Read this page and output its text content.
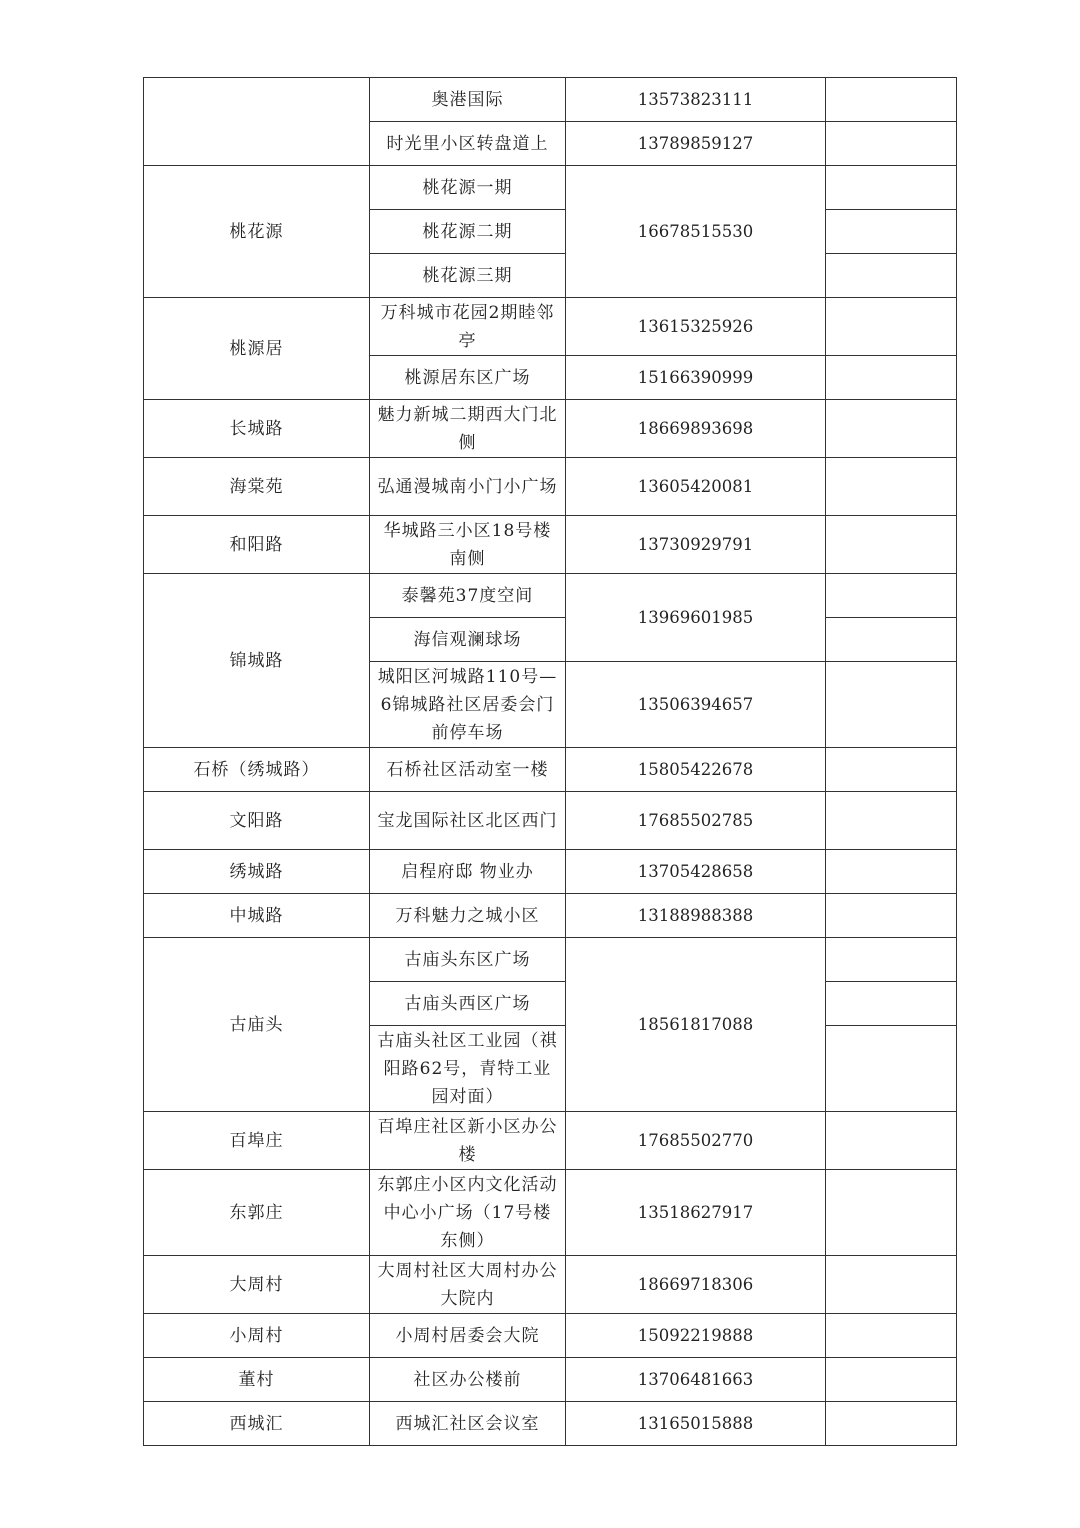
	奥港国际	13573823111	
	时光里小区转盘道上	13789859127	
桃花源	桃花源一期	16678515530	
	桃花源二期		
	桃花源三期		
桃源居	万科城市花园2期睦邻亭	13615325926	
	桃源居东区广场	15166390999	
长城路	魅力新城二期西大门北侧	18669893698	
海棠苑	弘通漫城南小门小广场	13605420081	
和阳路	华城路三小区18号楼南侧	13730929791	
锦城路	泰馨苑37度空间	13969601985	
	海信观澜球场		
	城阳区河城路110号—6锦城路社区居委会门前停车场	13506394657	
石桥（绣城路）	石桥社区活动室一楼	15805422678	
文阳路	宝龙国际社区北区西门	17685502785	
绣城路	启程府邸 物业办	13705428658	
中城路	万科魅力之城小区	13188988388	
古庙头	古庙头东区广场	18561817088	
	古庙头西区广场		
	古庙头社区工业园（祺阳路62号，青特工业园对面）		
百埠庄	百埠庄社区新小区办公楼	17685502770	
东郭庄	东郭庄小区内文化活动中心小广场（17号楼东侧）	13518627917	
大周村	大周村社区大周村办公大院内	18669718306	
小周村	小周村居委会大院	15092219888	
董村	社区办公楼前	13706481663	
西城汇	西城汇社区会议室	13165015888	
